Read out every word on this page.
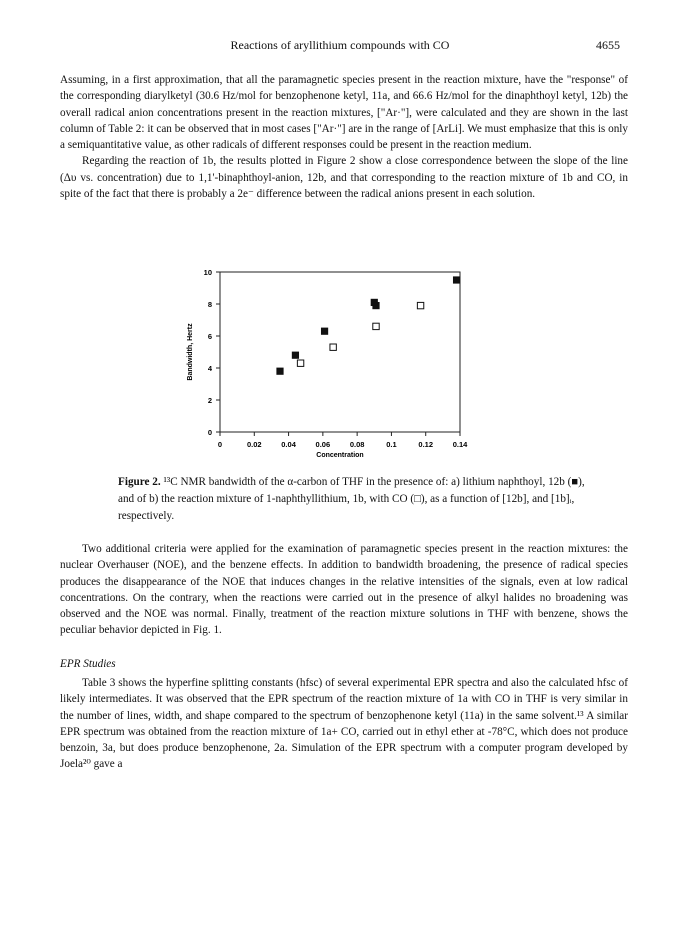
Reactions of aryllithium compounds with CO	4655

Assuming, in a first approximation, that all the paramagnetic species present in the reaction mixture, have the "response" of the corresponding diarylketyl (30.6 Hz/mol for benzophenone ketyl, 11a, and 66.6 Hz/mol for the dinaphthoyl ketyl, 12b) the overall radical anion concentrations present in the reaction mixtures, ["Ar·"], were calculated and they are shown in the last column of Table 2: it can be observed that in most cases ["Ar·"] are in the range of [ArLi]. We must emphasize that this is only a semiquantitative value, as other radicals of different responses could be present in the reaction medium.

Regarding the reaction of 1b, the results plotted in Figure 2 show a close correspondence between the slope of the line (Δυ vs. concentration) due to 1,1'-binaphthoyl-anion, 12b, and that corresponding to the reaction mixture of 1b and CO, in spite of the fact that there is probably a 2e⁻ difference between the radical anions present in each solution.

0	0.02	0.04	0.06	0.08	0.1	0.12	0.14
0
2
4
6
8
10
Concentration
Bandwidth, Hertz
Figure 2. ¹³C NMR bandwidth of the α-carbon of THF in the presence of: a) lithium naphthoyl, 12b (■), and of b) the reaction mixture of 1-naphthyllithium, 1b, with CO (□), as a function of [12b], and [1b]ᵢ, respectively.

Two additional criteria were applied for the examination of paramagnetic species present in the reaction mixtures: the nuclear Overhauser (NOE), and the benzene effects. In addition to bandwidth broadening, the presence of radical species produces the disappearance of the NOE that induces changes in the relative intensities of the signals, even at low radical concentrations. On the contrary, when the reactions were carried out in the presence of alkyl halides no broadening was observed and the NOE was normal. Finally, treatment of the reaction mixture solutions in THF with benzene, shows the peculiar behavior depicted in Fig. 1.

EPR Studies

Table 3 shows the hyperfine splitting constants (hfsc) of several experimental EPR spectra and also the calculated hfsc of likely intermediates. It was observed that the EPR spectrum of the reaction mixture of 1a with CO in THF is very similar in the number of lines, width, and shape compared to the spectrum of benzophenone ketyl (11a) in the same solvent.¹³ A similar EPR spectrum was obtained from the reaction mixture of 1a+ CO, carried out in ethyl ether at -78°C, which does not produce benzoin, 3a, but does produce benzophenone, 2a. Simulation of the EPR spectrum with a computer program developed by Joela²⁰ gave a
